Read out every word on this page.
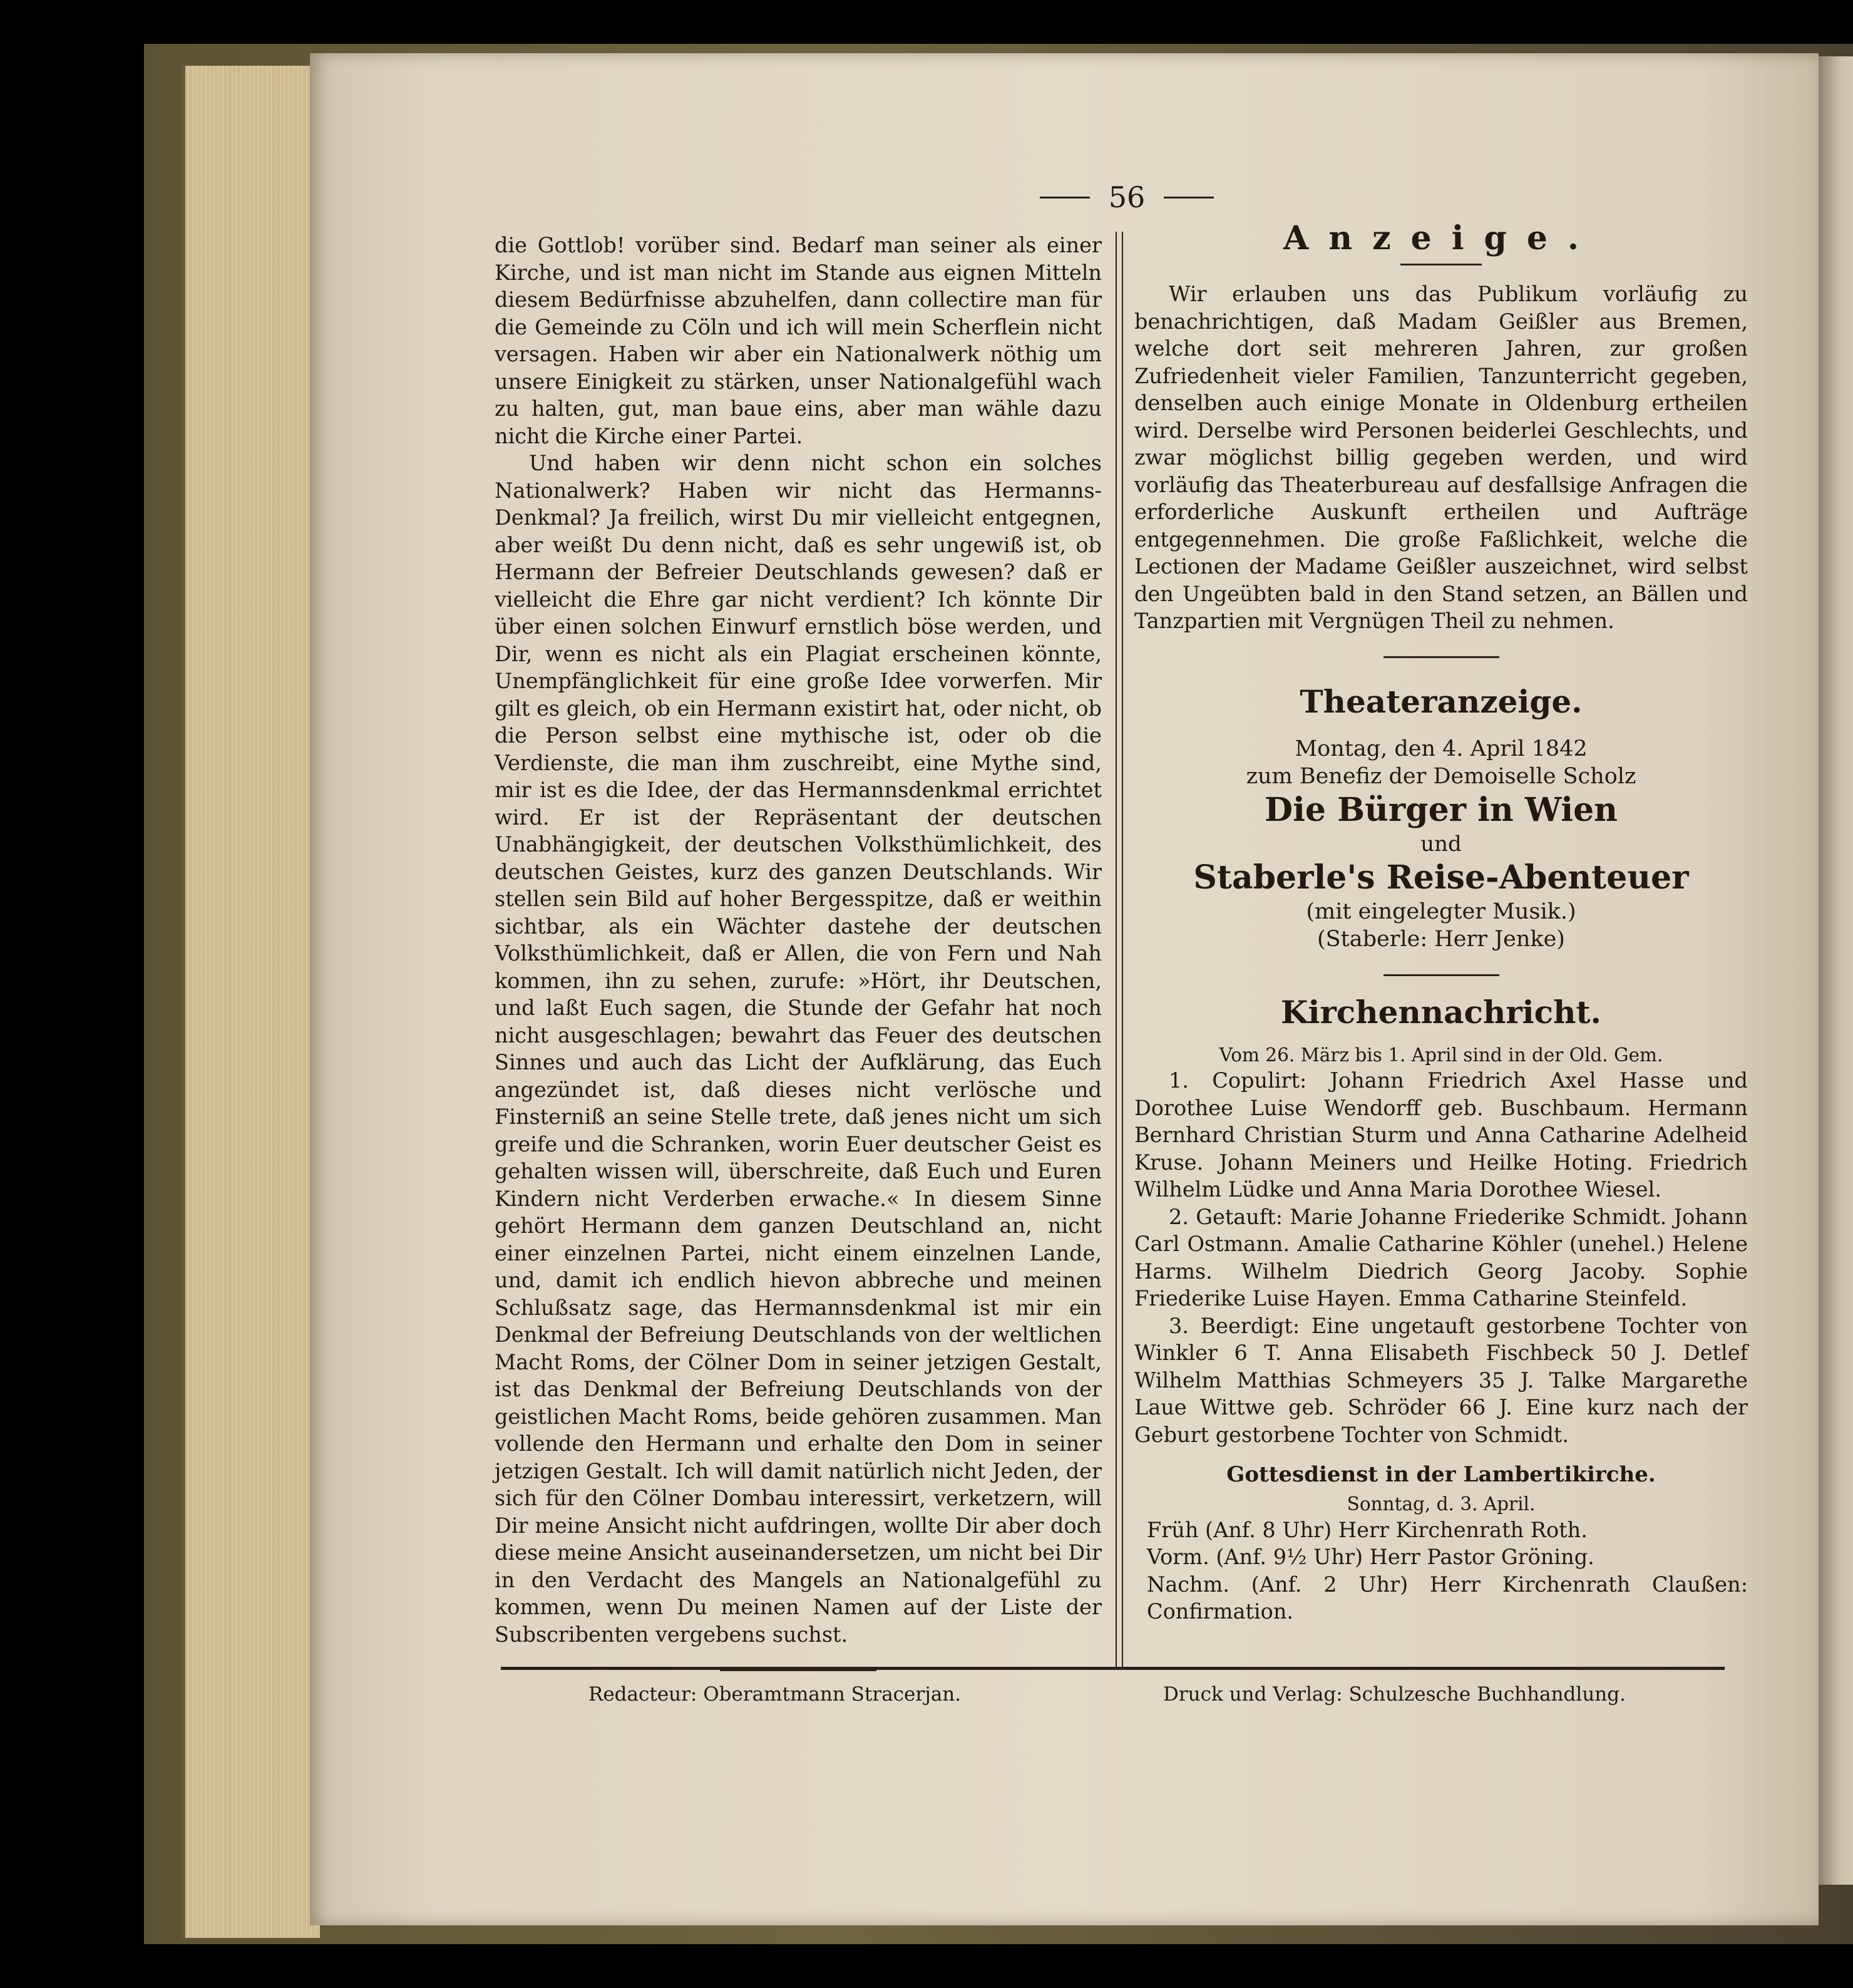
56

die Gottlob! vorüber sind. Bedarf man seiner als einer Kirche, und ist man nicht im Stande aus eignen Mitteln diesem Bedürfnisse abzuhelfen, dann collectire man für die Gemeinde zu Cöln und ich will mein Scherflein nicht versagen. Haben wir aber ein Nationalwerk nöthig um unsere Einigkeit zu stärken, unser Nationalgefühl wach zu halten, gut, man baue eins, aber man wähle dazu nicht die Kirche einer Partei.

Und haben wir denn nicht schon ein solches Nationalwerk? Haben wir nicht das Hermanns-Denkmal? Ja freilich, wirst Du mir vielleicht entgegnen, aber weißt Du denn nicht, daß es sehr ungewiß ist, ob Hermann der Befreier Deutschlands gewesen? daß er vielleicht die Ehre gar nicht verdient? Ich könnte Dir über einen solchen Einwurf ernstlich böse werden, und Dir, wenn es nicht als ein Plagiat erscheinen könnte, Unempfänglichkeit für eine große Idee vorwerfen. Mir gilt es gleich, ob ein Hermann existirt hat, oder nicht, ob die Person selbst eine mythische ist, oder ob die Verdienste, die man ihm zuschreibt, eine Mythe sind, mir ist es die Idee, der das Hermannsdenkmal errichtet wird. Er ist der Repräsentant der deutschen Unabhängigkeit, der deutschen Volksthümlichkeit, des deutschen Geistes, kurz des ganzen Deutschlands. Wir stellen sein Bild auf hoher Bergesspitze, daß er weithin sichtbar, als ein Wächter dastehe der deutschen Volksthümlichkeit, daß er Allen, die von Fern und Nah kommen, ihn zu sehen, zurufe: »Hört, ihr Deutschen, und laßt Euch sagen, die Stunde der Gefahr hat noch nicht ausgeschlagen; bewahrt das Feuer des deutschen Sinnes und auch das Licht der Aufklärung, das Euch angezündet ist, daß dieses nicht verlösche und Finsterniß an seine Stelle trete, daß jenes nicht um sich greife und die Schranken, worin Euer deutscher Geist es gehalten wissen will, überschreite, daß Euch und Euren Kindern nicht Verderben erwache.« In diesem Sinne gehört Hermann dem ganzen Deutschland an, nicht einer einzelnen Partei, nicht einem einzelnen Lande, und, damit ich endlich hievon abbreche und meinen Schlußsatz sage, das Hermannsdenkmal ist mir ein Denkmal der Befreiung Deutschlands von der weltlichen Macht Roms, der Cölner Dom in seiner jetzigen Gestalt, ist das Denkmal der Befreiung Deutschlands von der geistlichen Macht Roms, beide gehören zusammen. Man vollende den Hermann und erhalte den Dom in seiner jetzigen Gestalt. Ich will damit natürlich nicht Jeden, der sich für den Cölner Dombau interessirt, verketzern, will Dir meine Ansicht nicht aufdringen, wollte Dir aber doch diese meine Ansicht auseinandersetzen, um nicht bei Dir in den Verdacht des Mangels an Nationalgefühl zu kommen, wenn Du meinen Namen auf der Liste der Subscribenten vergebens suchst.

Anzeige.

Wir erlauben uns das Publikum vorläufig zu benachrichtigen, daß Madam Geißler aus Bremen, welche dort seit mehreren Jahren, zur großen Zufriedenheit vieler Familien, Tanzunterricht gegeben, denselben auch einige Monate in Oldenburg ertheilen wird. Derselbe wird Personen beiderlei Geschlechts, und zwar möglichst billig gegeben werden, und wird vorläufig das Theaterbureau auf desfallsige Anfragen die erforderliche Auskunft ertheilen und Aufträge entgegennehmen. Die große Faßlichkeit, welche die Lectionen der Madame Geißler auszeichnet, wird selbst den Ungeübten bald in den Stand setzen, an Bällen und Tanzpartien mit Vergnügen Theil zu nehmen.

Theateranzeige.
Montag, den 4. April 1842
zum Benefiz der Demoiselle Scholz
Die Bürger in Wien
und
Staberle's Reise-Abenteuer
(mit eingelegter Musik.)
(Staberle: Herr Jenke)
Kirchennachricht.
Vom 26. März bis 1. April sind in der Old. Gem.

1. Copulirt: Johann Friedrich Axel Hasse und Dorothee Luise Wendorff geb. Buschbaum. Hermann Bernhard Christian Sturm und Anna Catharine Adelheid Kruse. Johann Meiners und Heilke Hoting. Friedrich Wilhelm Lüdke und Anna Maria Dorothee Wiesel.

2. Getauft: Marie Johanne Friederike Schmidt. Johann Carl Ostmann. Amalie Catharine Köhler (unehel.) Helene Harms. Wilhelm Diedrich Georg Jacoby. Sophie Friederike Luise Hayen. Emma Catharine Steinfeld.

3. Beerdigt: Eine ungetauft gestorbene Tochter von Winkler 6 T. Anna Elisabeth Fischbeck 50 J. Detlef Wilhelm Matthias Schmeyers 35 J. Talke Margarethe Laue Wittwe geb. Schröder 66 J. Eine kurz nach der Geburt gestorbene Tochter von Schmidt.

Gottesdienst in der Lambertikirche.
Sonntag, d. 3. April.

Früh (Anf. 8 Uhr) Herr Kirchenrath Roth.

Vorm. (Anf. 9½ Uhr) Herr Pastor Gröning.

Nachm. (Anf. 2 Uhr) Herr Kirchenrath Claußen: Confirmation.

Redacteur: Oberamtmann Stracerjan.	Druck und Verlag: Schulzesche Buchhandlung.
